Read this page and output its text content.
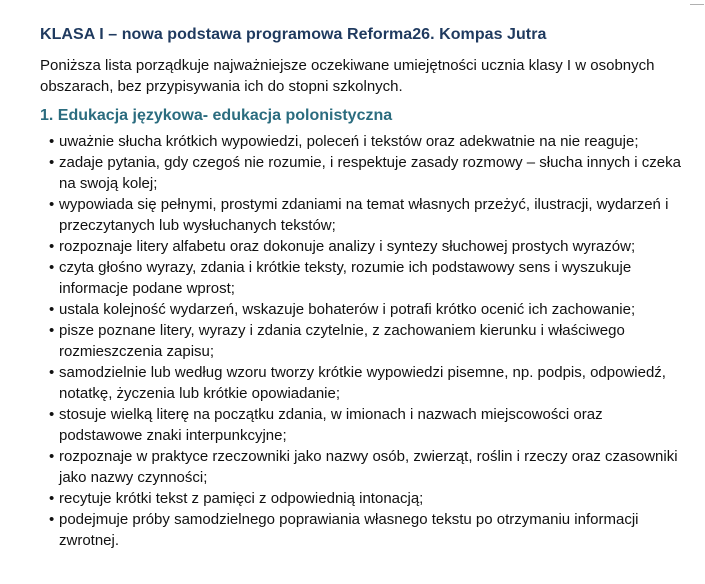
KLASA I – nowa podstawa programowa Reforma26. Kompas Jutra

Poniższa lista porządkuje najważniejsze oczekiwane umiejętności ucznia klasy I w osobnych obszarach, bez przypisywania ich do stopni szkolnych.

1. Edukacja językowa- edukacja polonistyczna
• uważnie słucha krótkich wypowiedzi, poleceń i tekstów oraz adekwatnie na nie reaguje;
• zadaje pytania, gdy czegoś nie rozumie, i respektuje zasady rozmowy – słucha innych i czeka na swoją kolej;
• wypowiada się pełnymi, prostymi zdaniami na temat własnych przeżyć, ilustracji, wydarzeń i przeczytanych lub wysłuchanych tekstów;
• rozpoznaje litery alfabetu oraz dokonuje analizy i syntezy słuchowej prostych wyrazów;
• czyta głośno wyrazy, zdania i krótkie teksty, rozumie ich podstawowy sens i wyszukuje informacje podane wprost;
• ustala kolejność wydarzeń, wskazuje bohaterów i potrafi krótko ocenić ich zachowanie;
• pisze poznane litery, wyrazy i zdania czytelnie, z zachowaniem kierunku i właściwego rozmieszczenia zapisu;
• samodzielnie lub według wzoru tworzy krótkie wypowiedzi pisemne, np. podpis, odpowiedź, notatkę, życzenia lub krótkie opowiadanie;
• stosuje wielką literę na początku zdania, w imionach i nazwach miejscowości oraz podstawowe znaki interpunkcyjne;
• rozpoznaje w praktyce rzeczowniki jako nazwy osób, zwierząt, roślin i rzeczy oraz czasowniki jako nazwy czynności;
• recytuje krótki tekst z pamięci z odpowiednią intonacją;
• podejmuje próby samodzielnego poprawiania własnego tekstu po otrzymaniu informacji zwrotnej.
